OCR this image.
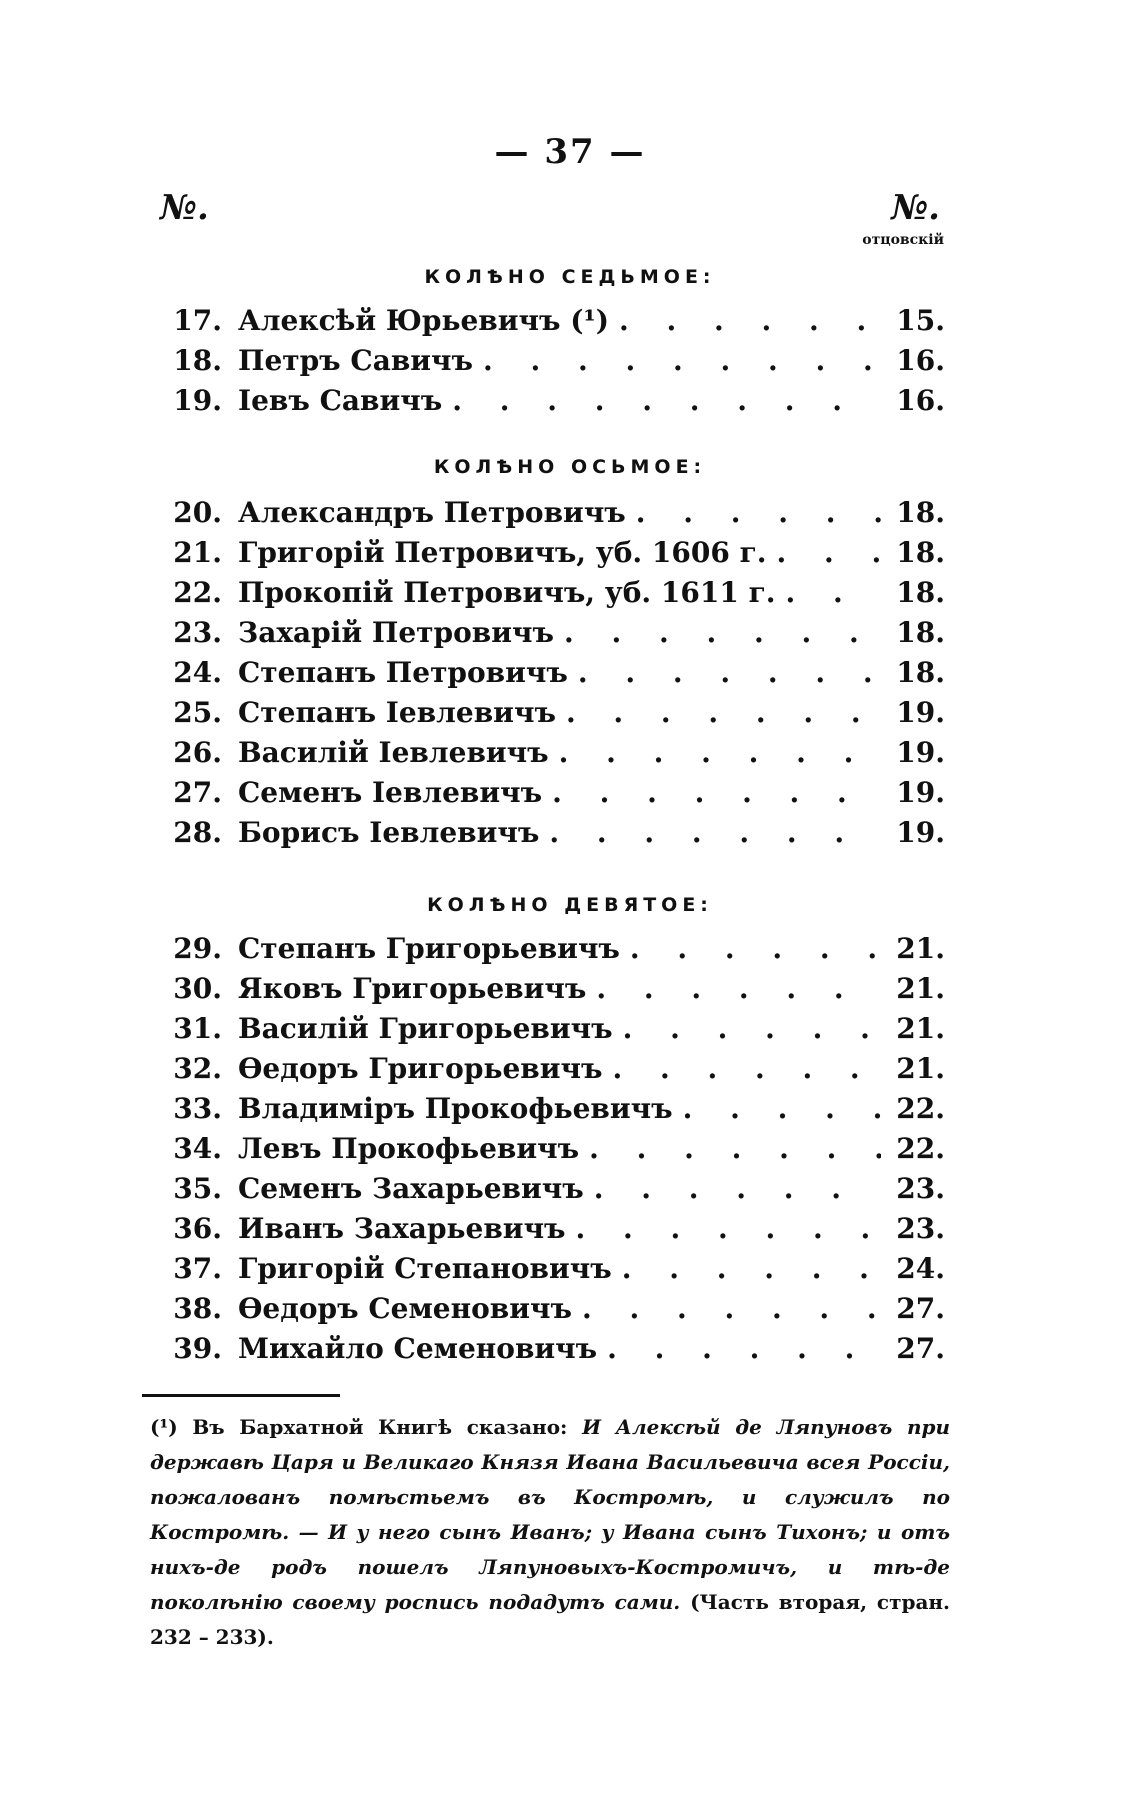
— 37 —
№.	№.
отцовскій
КОЛѢНО СЕДЬМОЕ:
17. Алексѣй Юрьевичъ (¹) . . .	15.
18. Петръ Савичъ . . .	16.
19. Іевъ Савичъ . . .	16.
КОЛѢНО ОСЬМОЕ:
20. Александръ Петровичъ . . .	18.
21. Григорій Петровичъ, уб. 1606 г. . . .	18.
22. Прокопій Петровичъ, уб. 1611 г. . . .	18.
23. Захарій Петровичъ . . .	18.
24. Степанъ Петровичъ . . .	18.
25. Степанъ Іевлевичъ . . .	19.
26. Василій Іевлевичъ . . .	19.
27. Семенъ Іевлевичъ . . .	19.
28. Борисъ Іевлевичъ . . .	19.
КОЛѢНО ДЕВЯТОЕ:
29. Степанъ Григорьевичъ . . .	21.
30. Яковъ Григорьевичъ . . .	21.
31. Василій Григорьевичъ . . .	21.
32. Ѳедоръ Григорьевичъ . . .	21.
33. Владиміръ Прокофьевичъ . . .	22.
34. Левъ Прокофьевичъ . . .	22.
35. Семенъ Захарьевичъ . . .	23.
36. Иванъ Захарьевичъ . . .	23.
37. Григорій Степановичъ . . .	24.
38. Ѳедоръ Семеновичъ . . .	27.
39. Михайло Семеновичъ . . .	27.
(¹) Въ Бархатной Книгѣ сказано: И Алексѣй де Ляпуновъ при державѣ Царя и Великаго Князя Ивана Васильевича всея Россіи, пожалованъ помѣстьемъ въ Костромѣ, и служилъ по Костромѣ. — И у него сынъ Иванъ; у Ивана сынъ Тихонъ; и отъ нихъ-де родъ пошелъ Ляпуновыхъ-Костромичъ, и тѣ-де поколѣнію своему роспись подадутъ сами. (Часть вторая, стран. 232 – 233).
